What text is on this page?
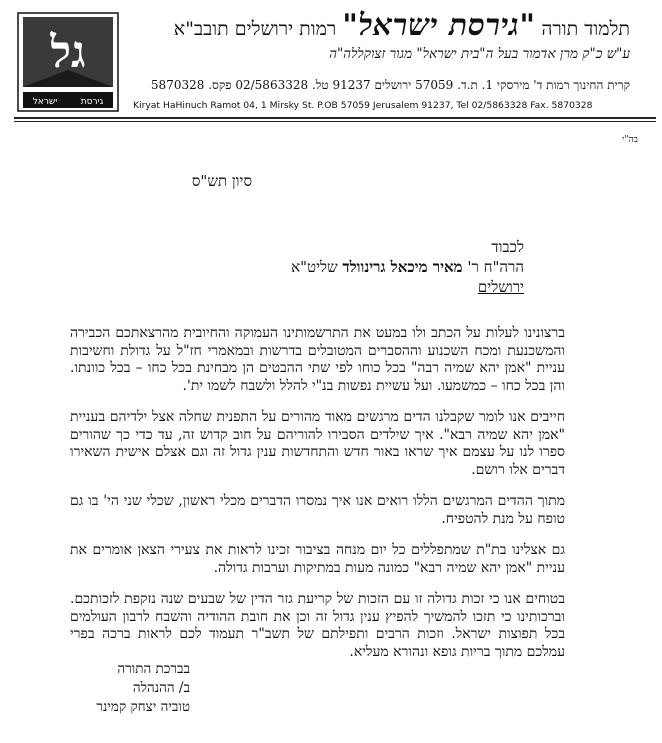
גל
גירסת
ישראל
תלמוד תורה "גירסת ישראל" רמות ירושלים תובב"א
ע"ש כ"ק מרן אדמור בעל ה"בית ישראל" מגור זצוקללה"ה
קרית החינוך רמות ד' מירסקי 1. ת.ד. 57059 ירושלים 91237 טל. 02/5863328 פקס. 5870328
Kiryat HaHinuch Ramot 04, 1 Mirsky St. P.OB 57059 Jerusalem 91237, Tel 02/5863328 Fax. 5870328
בה"י
סיון תש"ס
לכבוד
הרה"ח ר' מאיר מיכאל גרינוולד שליט"א
ירושלים

ברצונינו לעלות על הכתב ולו במעט את התרשמותינו העמוקה והחיובית מהרצאתכם הכבירה והמשכנעת ומכח השכנוע וההסברים המטובלים בדרשות ובמאמרי חז"ל על גדולת וחשיבות עניית "אמן יהא שמיה רבה" בכל כוחו לפי שתי ההבטים הן מבחינת בכל כחו – בכל כוונתו. והן בכל כחו – כמשמעו. ועל עשיית נפשות בנ"י להלל ולשבח לשמו ית'.

חייבים אנו לומר שקבלנו הדים מרגשים מאוד מהורים על התפנית שחלה אצל ילדיהם בעניית "אמן יהא שמיה רבא". איך שילדים הסבירו להוריהם על חוב קדוש זה, עד כדי כך שהורים ספרו לנו על עצמם איך שראו באור חדש והתחדשות ענין גדול זה וגם אצלם אישית השאירו דברים אלו רושם.

מתוך ההדים המרגשים הללו רואים אנו איך נמסרו הדברים מכלי ראשון, שכלי שני הי' בו גם טופח על מנת להטפיח.

גם אצלינו בת"ת שמתפללים כל יום מנחה בציבור זכינו לראות את צעירי הצאן אומרים את עניית "אמן יהא שמיה רבא" כמונה מעות במתיקות וערבות גדולה.

בטוחים אנו כי זכות גדולה זו עם הזכות של קריעת גזר הדין של שבעים שנה נזקפת לזכותכם. וברכותינו כי תזכו להמשיך להפיץ ענין גדול זה וכן את חובת ההודיה והשבח לרבון העולמים בכל תפוצות ישראל. וזכות הרבים ותפילתם של תשב"ר תעמוד לכם לראות ברכה בפרי עמלכם מתוך בריות גופא ונהורא מעליא.

בברכת התורה
ב/ ההנהלה
טוביה יצחק קמינר
